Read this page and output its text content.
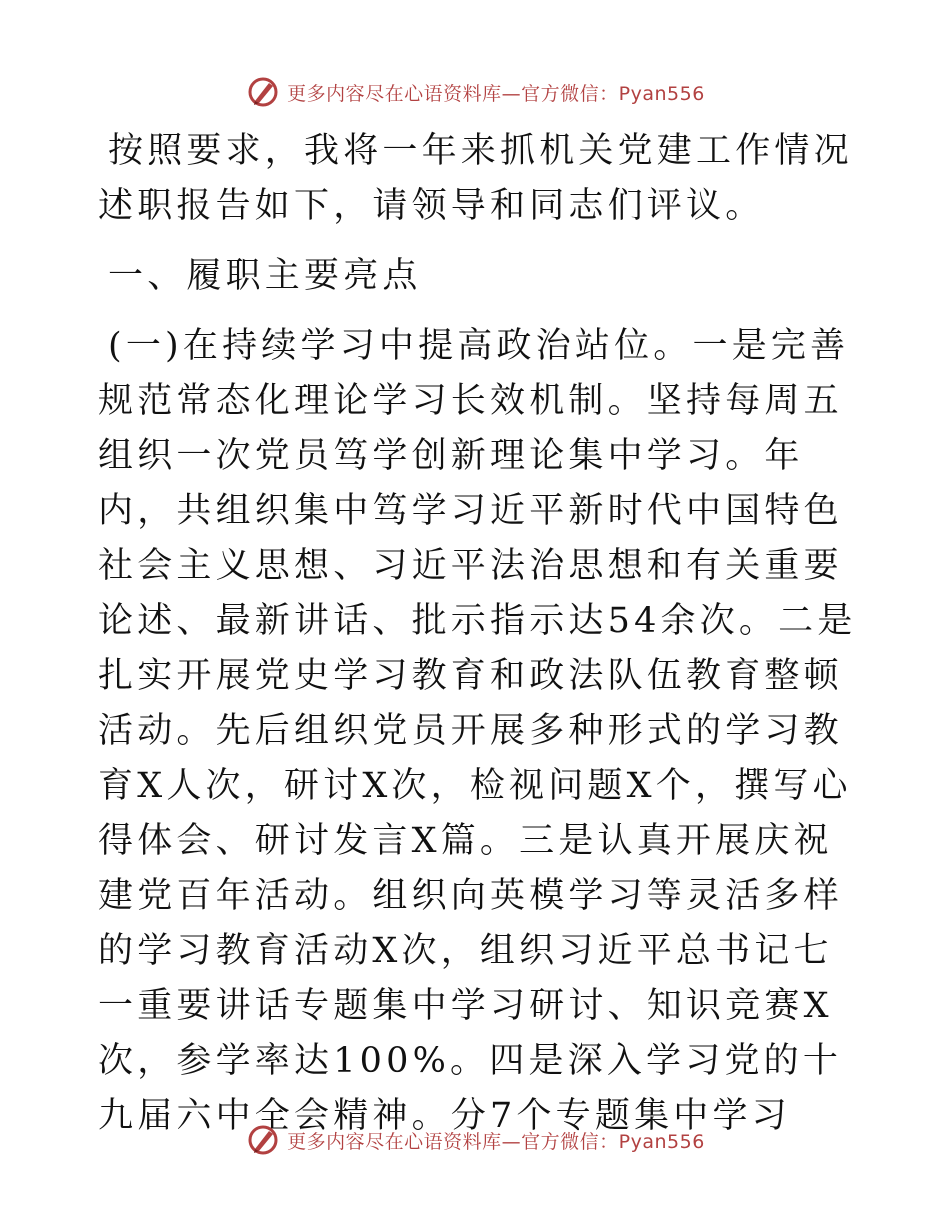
更多内容尽在心语资料库—官方微信：Pyan556

按照要求，我将一年来抓机关党建工作情况述职报告如下，请领导和同志们评议。

一、履职主要亮点

(一)在持续学习中提高政治站位。一是完善规范常态化理论学习长效机制。坚持每周五组织一次党员笃学创新理论集中学习。年内，共组织集中笃学习近平新时代中国特色社会主义思想、习近平法治思想和有关重要论述、最新讲话、批示指示达54余次。二是扎实开展党史学习教育和政法队伍教育整顿活动。先后组织党员开展多种形式的学习教育X人次，研讨X次，检视问题X个，撰写心得体会、研讨发言X篇。三是认真开展庆祝建党百年活动。组织向英模学习等灵活多样的学习教育活动X次，组织习近平总书记七一重要讲话专题集中学习研讨、知识竞赛X次，参学率达100%。四是深入学习党的十九届六中全会精神。分7个专题集中学习

更多内容尽在心语资料库—官方微信：Pyan556
